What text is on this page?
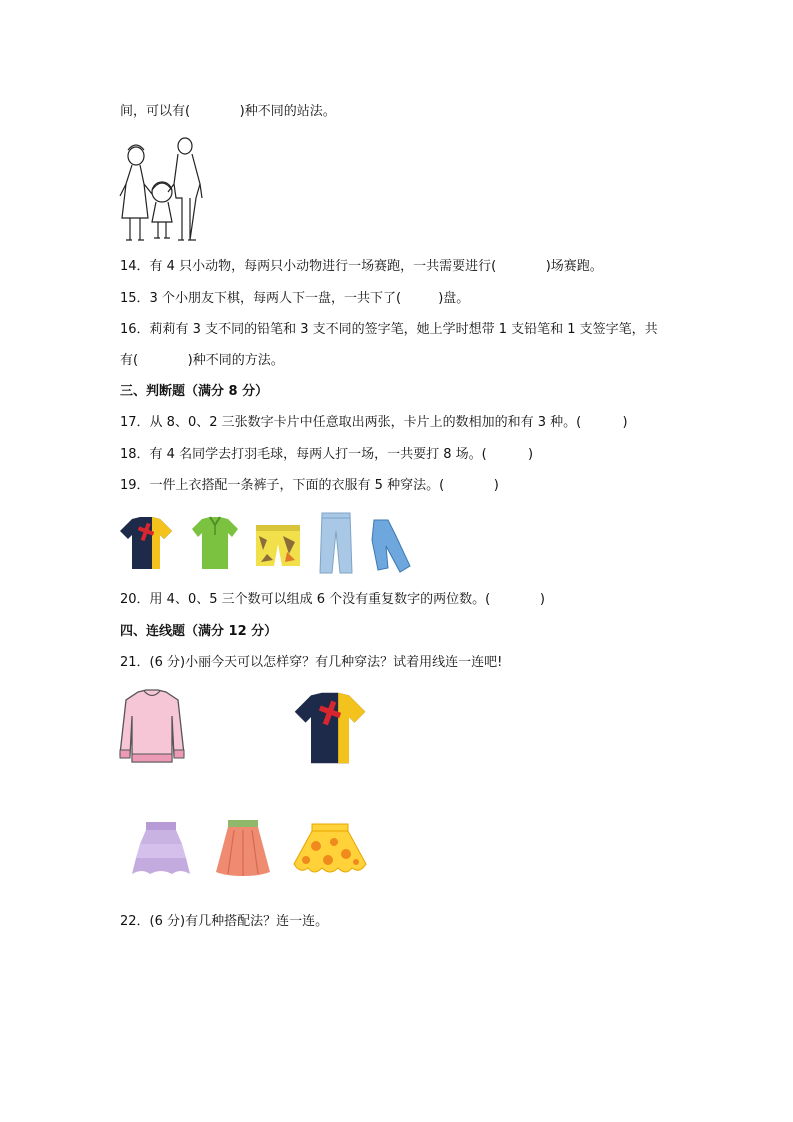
间，可以有(            )种不同的站法。
14．有 4 只小动物，每两只小动物进行一场赛跑，一共需要进行(            )场赛跑。
15．3 个小朋友下棋，每两人下一盘，一共下了(         )盘。
16．莉莉有 3 支不同的铅笔和 3 支不同的签字笔，她上学时想带 1 支铅笔和 1 支签字笔，共
有(            )种不同的方法。
三、判断题（满分 8 分）
17．从 8、0、2 三张数字卡片中任意取出两张，卡片上的数相加的和有 3 种。(          )
18．有 4 名同学去打羽毛球，每两人打一场，一共要打 8 场。(          )
19．一件上衣搭配一条裤子，下面的衣服有 5 种穿法。(            )
20．用 4、0、5 三个数可以组成 6 个没有重复数字的两位数。(            )
四、连线题（满分 12 分）
21．(6 分)小丽今天可以怎样穿？有几种穿法？试着用线连一连吧!
22．(6 分)有几种搭配法？连一连。
